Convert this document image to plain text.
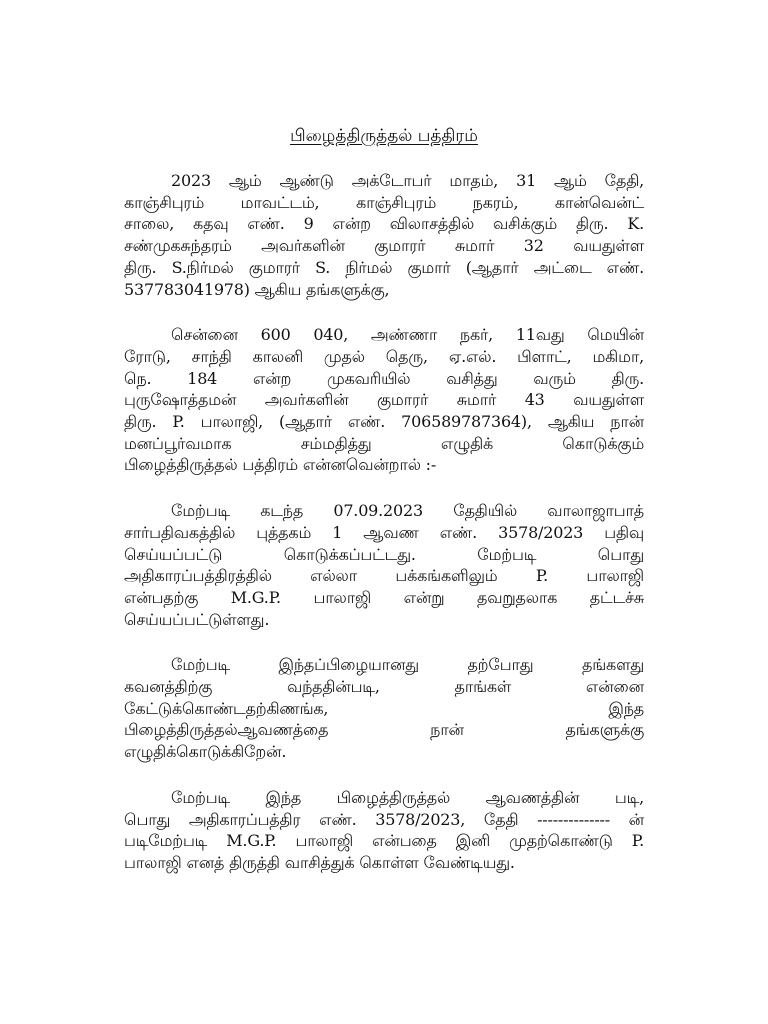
பிழைத்திருத்தல் பத்திரம்

2023 ஆம் ஆண்டு அக்டோபர் மாதம், 31 ஆம் தேதி,
காஞ்சிபுரம் மாவட்டம், காஞ்சிபுரம் நகரம், கான்வென்ட்
சாலை, கதவு எண். 9 என்ற விலாசத்தில் வசிக்கும் திரு. K.
சண்முகசுந்தரம் அவர்களின் குமாரர் சுமார் 32 வயதுள்ள
திரு. S.நிர்மல் குமாரர் S. நிர்மல் குமார் (ஆதார் அட்டை எண்.
537783041978) ஆகிய தங்களுக்கு,

சென்னை 600 040, அண்ணா நகர், 11வது மெயின்
ரோடு, சாந்தி காலனி முதல் தெரு, ஏ.எல். பிளாட், மகிமா,
நெ. 184 என்ற முகவரியில் வசித்து வரும் திரு.
புருஷோத்தமன் அவர்களின் குமாரர் சுமார் 43 வயதுள்ள
திரு. P. பாலாஜி, (ஆதார் எண். 706589787364), ஆகிய நான்
மனப்பூர்வமாக சம்மதித்து எழுதிக் கொடுக்கும்
பிழைத்திருத்தல் பத்திரம் என்னவென்றால் :-

மேற்படி கடந்த 07.09.2023 தேதியில் வாலாஜாபாத்
சார்பதிவகத்தில் புத்தகம் 1 ஆவண எண். 3578/2023 பதிவு
செய்யப்பட்டு கொடுக்கப்பட்டது. மேற்படி பொது
அதிகாரப்பத்திரத்தில் எல்லா பக்கங்களிலும் P. பாலாஜி
என்பதற்கு M.G.P. பாலாஜி என்று தவறுதலாக தட்டச்சு
செய்யப்பட்டுள்ளது.

மேற்படி இந்தப்பிழையானது தற்போது தங்களது
கவனத்திற்கு வந்ததின்படி, தாங்கள் என்னை
கேட்டுக்கொண்டதற்கிணங்க, இந்த
பிழைத்திருத்தல்ஆவணத்தை நான் தங்களுக்கு
எழுதிக்கொடுக்கிறேன்.

மேற்படி இந்த பிழைத்திருத்தல் ஆவணத்தின் படி,
பொது அதிகாரப்பத்திர எண். 3578/2023, தேதி -------------- ன்
படிமேற்படி M.G.P. பாலாஜி என்பதை இனி முதற்கொண்டு P.
பாலாஜி எனத் திருத்தி வாசித்துக் கொள்ள வேண்டியது.
